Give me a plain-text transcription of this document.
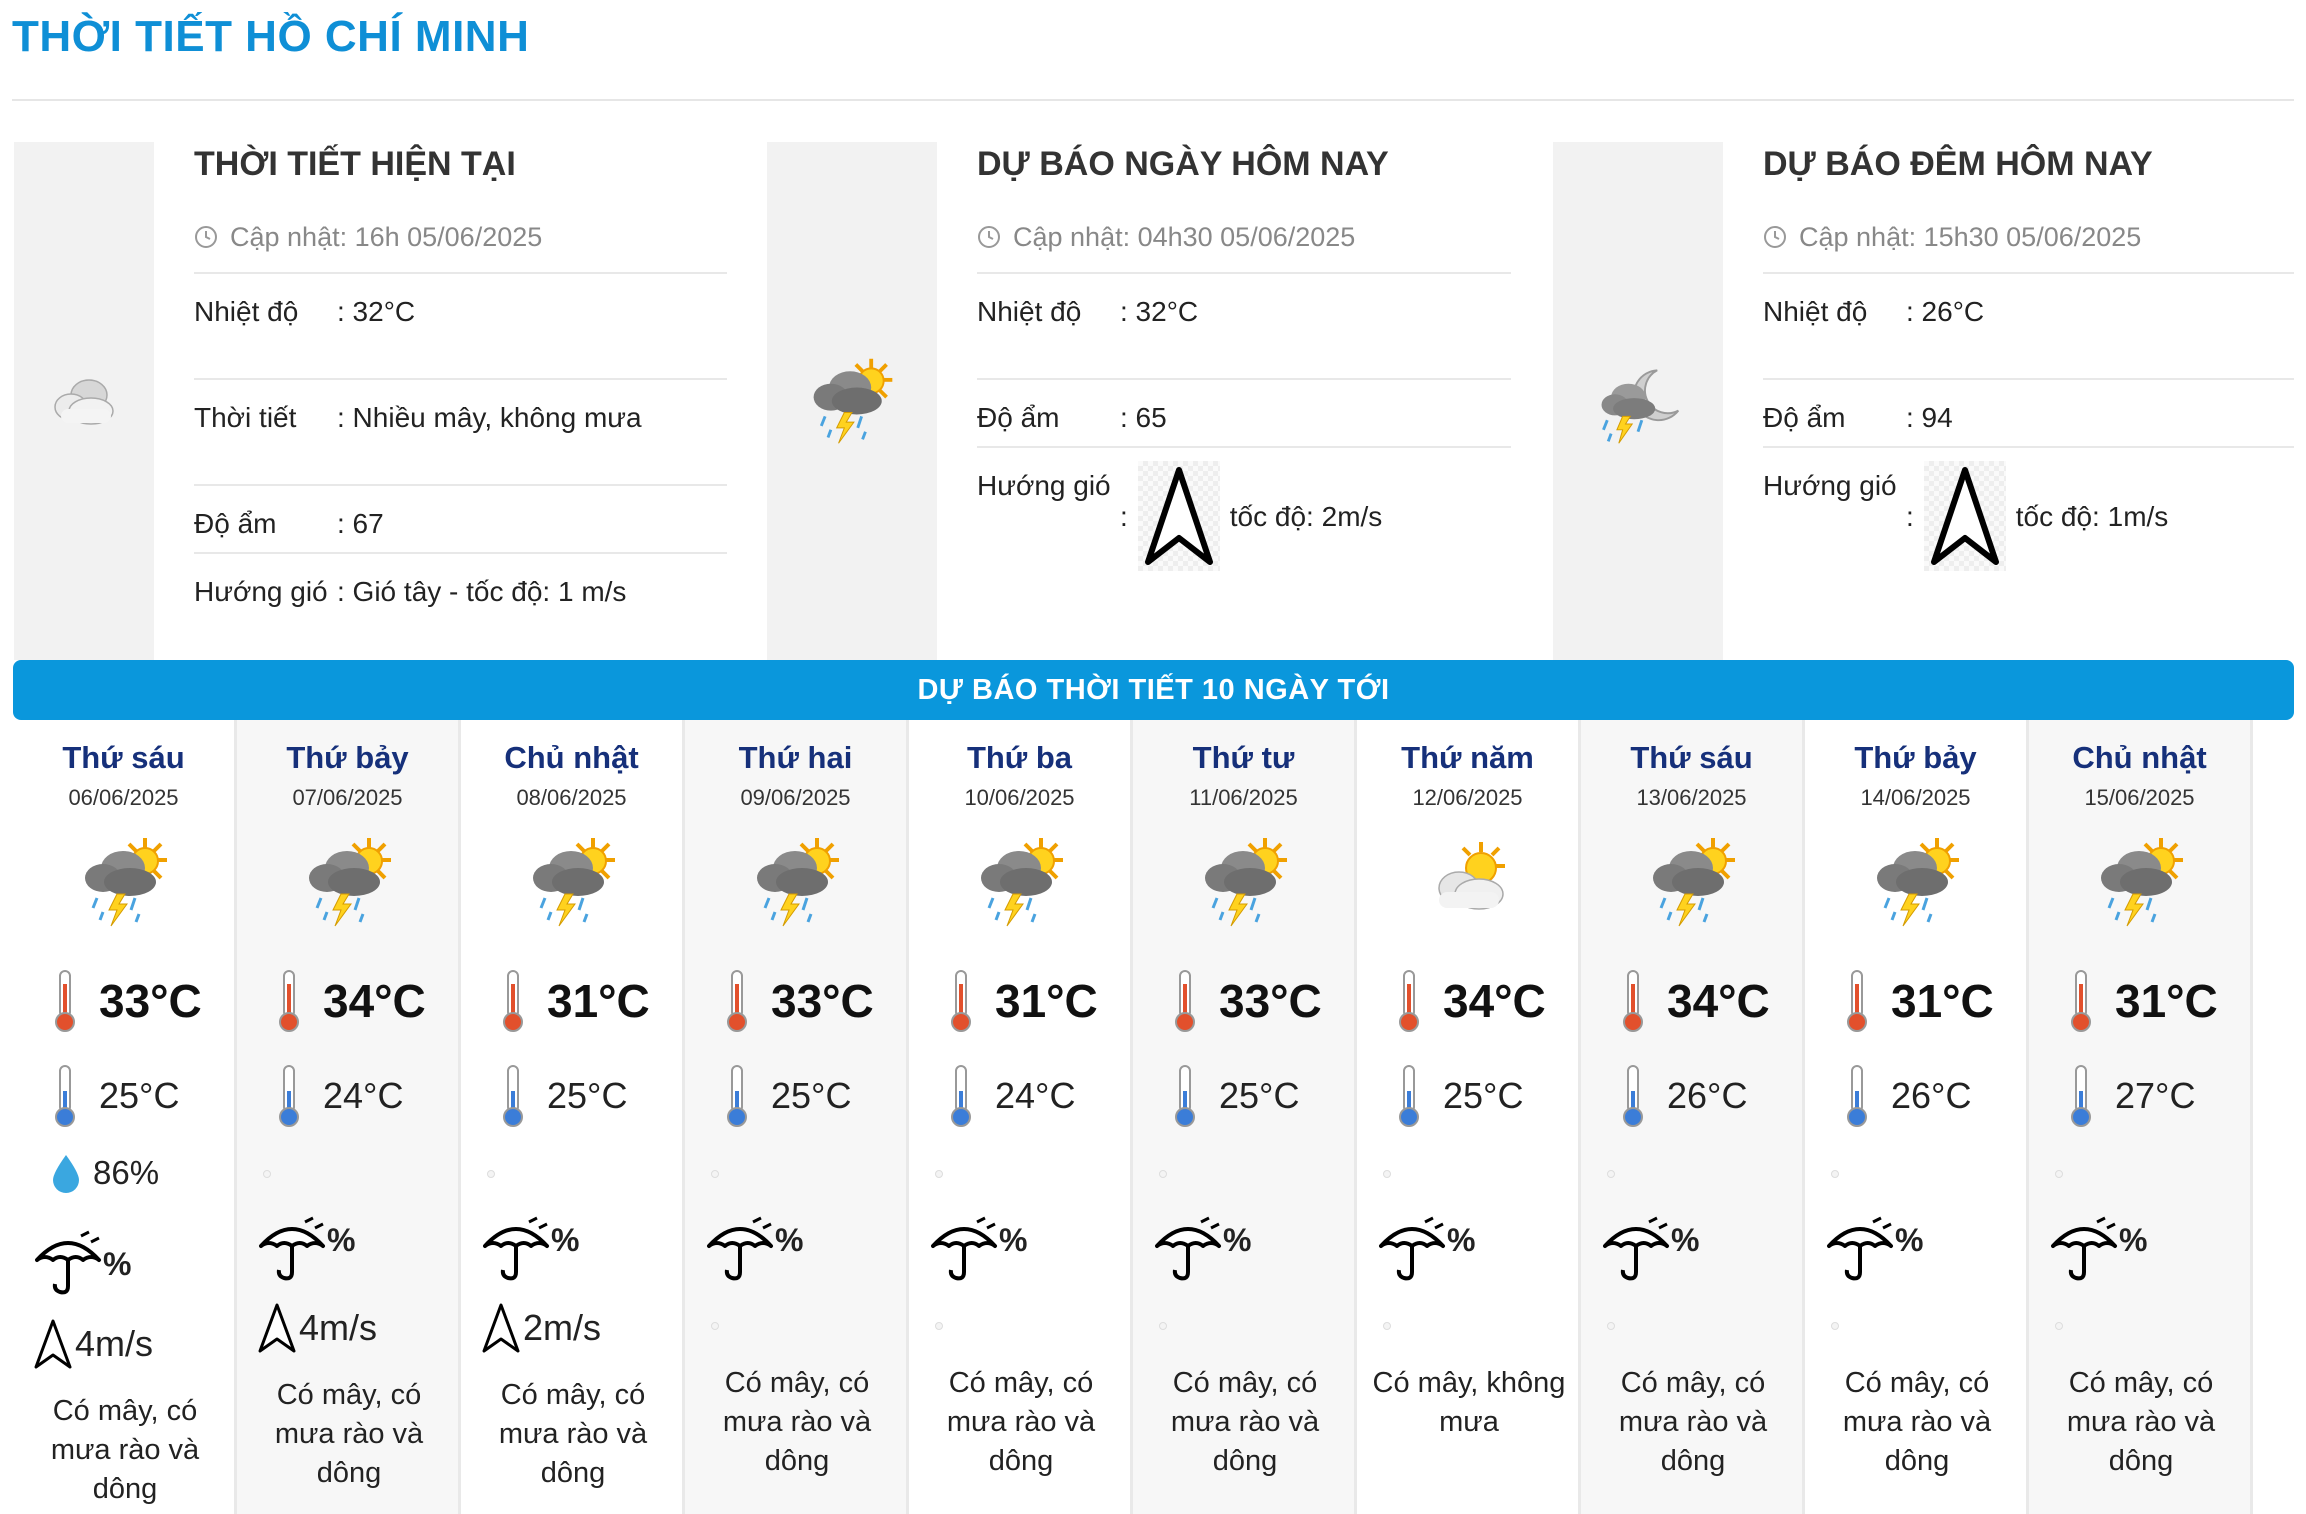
THỜI TIẾT HỒ CHÍ MINH
THỜI TIẾT HIỆN TẠI
Cập nhật: 16h 05/06/2025
Nhiệt độ	: 32°C
Thời tiết	: Nhiều mây, không mưa
Độ ẩm	: 67
Hướng gió : Gió tây - tốc độ: 1 m/s
DỰ BÁO NGÀY HÔM NAY
Cập nhật: 04h30 05/06/2025
Nhiệt độ	: 32°C
Độ ẩm	: 65
Hướng gió
:	tốc độ: 2m/s
DỰ BÁO ĐÊM HÔM NAY
Cập nhật: 15h30 05/06/2025
Nhiệt độ	: 26°C
Độ ẩm	: 94
Hướng gió
:	tốc độ: 1m/s
DỰ BÁO THỜI TIẾT 10 NGÀY TỚI
Thứ sáu
06/06/2025
33°C
25°C
86%
%
4m/s
Có mây, có mưa rào và dông
Thứ bảy
07/06/2025
34°C
24°C
%
4m/s
Có mây, có mưa rào và dông
Chủ nhật
08/06/2025
31°C
25°C
%
2m/s
Có mây, có mưa rào và dông
Thứ hai
09/06/2025
33°C
25°C
%
Có mây, có mưa rào và dông
Thứ ba
10/06/2025
31°C
24°C
%
Có mây, có mưa rào và dông
Thứ tư
11/06/2025
33°C
25°C
%
Có mây, có mưa rào và dông
Thứ năm
12/06/2025
34°C
25°C
%
Có mây, không mưa
Thứ sáu
13/06/2025
34°C
26°C
%
Có mây, có mưa rào và dông
Thứ bảy
14/06/2025
31°C
26°C
%
Có mây, có mưa rào và dông
Chủ nhật
15/06/2025
31°C
27°C
%
Có mây, có mưa rào và dông
